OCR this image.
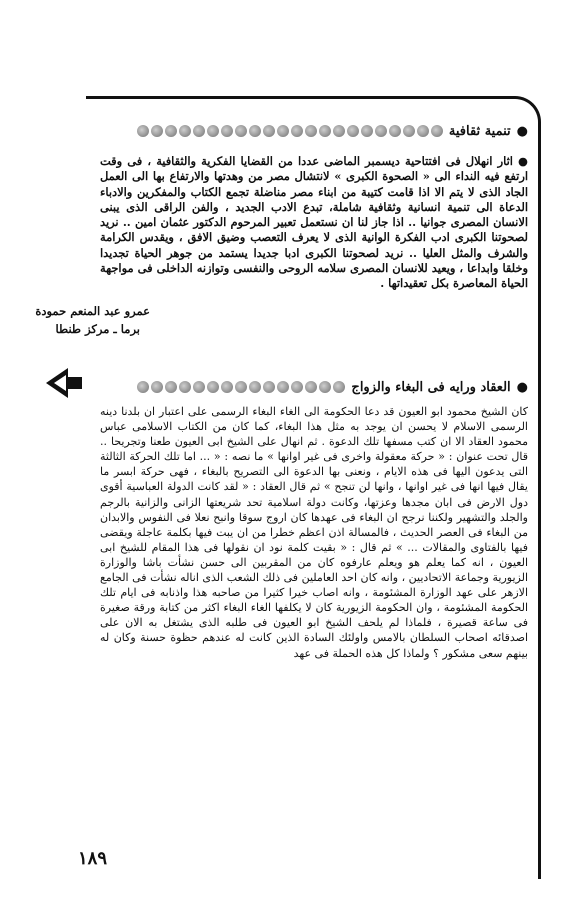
●
تنمية ثقافية

● اثار انهلال فى افتتاحية ديسمبر الماضى عددا من القضايا الفكرية والثقافية ، فى وقت ارتفع فيه النداء الى « الصحوة الكبرى » لانتشال مصر من وهدتها والارتفاع بها الى العمل الجاد الذى لا يتم الا اذا قامت كتيبة من ابناء مصر مناضلة تجمع الكتاب والمفكرين والادباء الدعاة الى تنمية انسانية وثقافية شاملة، تبدع الادب الجديد ، والفن الراقى الذى يبنى الانسان المصرى جوانيا .. اذا جاز لنا ان نستعمل تعبير المرحوم الدكتور عثمان امين .. نريد لصحوتنا الكبرى ادب الفكرة الوانية الذى لا يعرف التعصب وضيق الافق ، ويقدس الكرامة والشرف والمثل العليا .. نريد لصحوتنا الكبرى ادبا جديدا يستمد من جوهر الحياة تجديدا وخلقا وابداعا ، ويعيد للانسان المصرى سلامه الروحى والنفسى وتوازنه الداخلى فى مواجهة الحياة المعاصرة بكل تعقيداتها .

عمرو عبد المنعم حمودة
برما ـ مركز طنطا
●
العقاد ورايه فى البغاء والزواج

كان الشيخ محمود ابو العيون قد دعا الحكومة الى الغاء البغاء الرسمى على اعتبار ان بلدنا دينه الرسمى الاسلام لا يحسن ان يوجد به مثل هذا البغاء، كما كان من الكتاب الاسلامى عباس محمود العقاد الا ان كتب مسفها تلك الدعوة . ثم انهال على الشيخ ابى العيون طعنا وتجريحا .. قال تحت عنوان : « حركة معقولة واخرى فى غير اوانها » ما نصه : « ... اما تلك الحركة الثالثة التى يدعون اليها فى هذه الايام ، ونعنى بها الدعوة الى التصريح بالبغاء ، فهى حركة ابسر ما يقال فيها انها فى غير اوانها ، وانها لن تنجح » ثم قال العقاد : « لقد كانت الدولة العباسية أقوى دول الارض فى ابان مجدها وعزتها، وكانت دولة اسلامية تحد شريعتها الزانى والزانية بالرجم والجلد والتشهير ولكننا نرجح ان البغاء فى عهدها كان اروج سوقا وانبح نعلا فى النفوس والابدان من البغاء فى العصر الحديث ، فالمسالة اذن اعظم خطرا من ان يبت فيها بكلمة عاجلة ويقضى فيها بالفتاوى والمقالات ... » ثم قال : « بقيت كلمة نود ان نقولها فى هذا المقام للشيخ ابى العيون ، انه كما يعلم هو ويعلم عارفوه كان من المقربين الى حسن نشأت باشا والوزارة الزيورية وجماعة الاتحاديين ، وانه كان احد العاملين فى ذلك الشعب الذى اناله نشأت فى الجامع الازهر على عهد الوزارة المشئومة ، وانه اصاب خيرا كثيرا من صاحبه هذا واذنابه فى ايام تلك الحكومة المشئومة ، وان الحكومة الزيورية كان لا يكلفها الغاء البغاء اكثر من كتابة ورقة صغيرة فى ساعة قصيرة ، فلماذا لم يلحف الشيخ ابو العيون فى طلبه الذى يشتغل به الان على اصدقائه اصحاب السلطان بالامس واولئك السادة الذين كانت له عندهم حظوة حسنة وكان له بينهم سعى مشكور ؟ ولماذا كل هذه الحملة فى عهد

١٨٩
